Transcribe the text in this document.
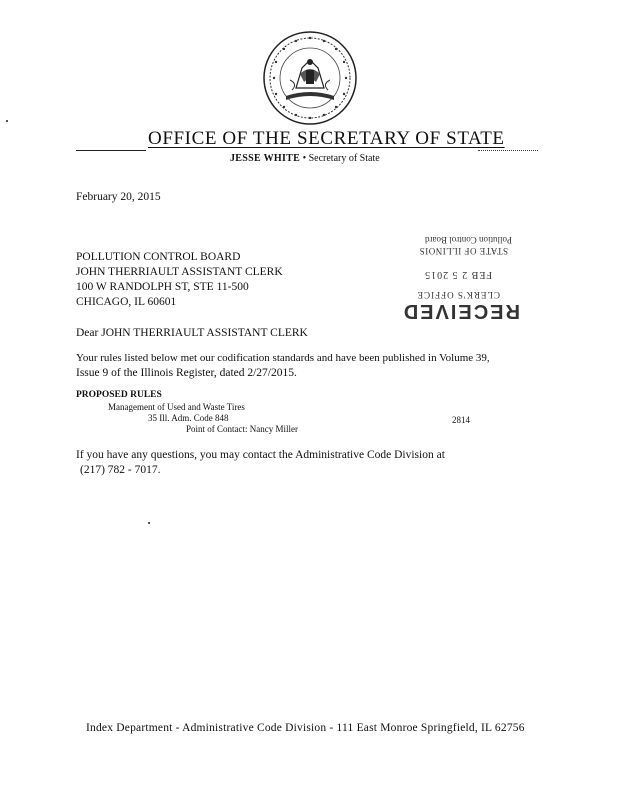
OFFICE OF THE SECRETARY OF STATE
JESSE WHITE • Secretary of State
February 20, 2015
POLLUTION CONTROL BOARD
JOHN THERRIAULT ASSISTANT CLERK
100 W RANDOLPH ST, STE 11-500
CHICAGO, IL 60601	RECEIVED
CLERK'S OFFICE
FEB 2 5 2015
STATE OF ILLINOIS
Pollution Control Board
Dear JOHN THERRIAULT ASSISTANT CLERK
Your rules listed below met our codification standards and have been published in Volume 39,
Issue 9 of the Illinois Register, dated 2/27/2015.
PROPOSED RULES
Management of Used and Waste Tires
35 Ill. Adm. Code 848	2814
Point of Contact: Nancy Miller
If you have any questions, you may contact the Administrative Code Division at
(217) 782 - 7017.
Index Department - Administrative Code Division - 111 East Monroe Springfield, IL 62756
